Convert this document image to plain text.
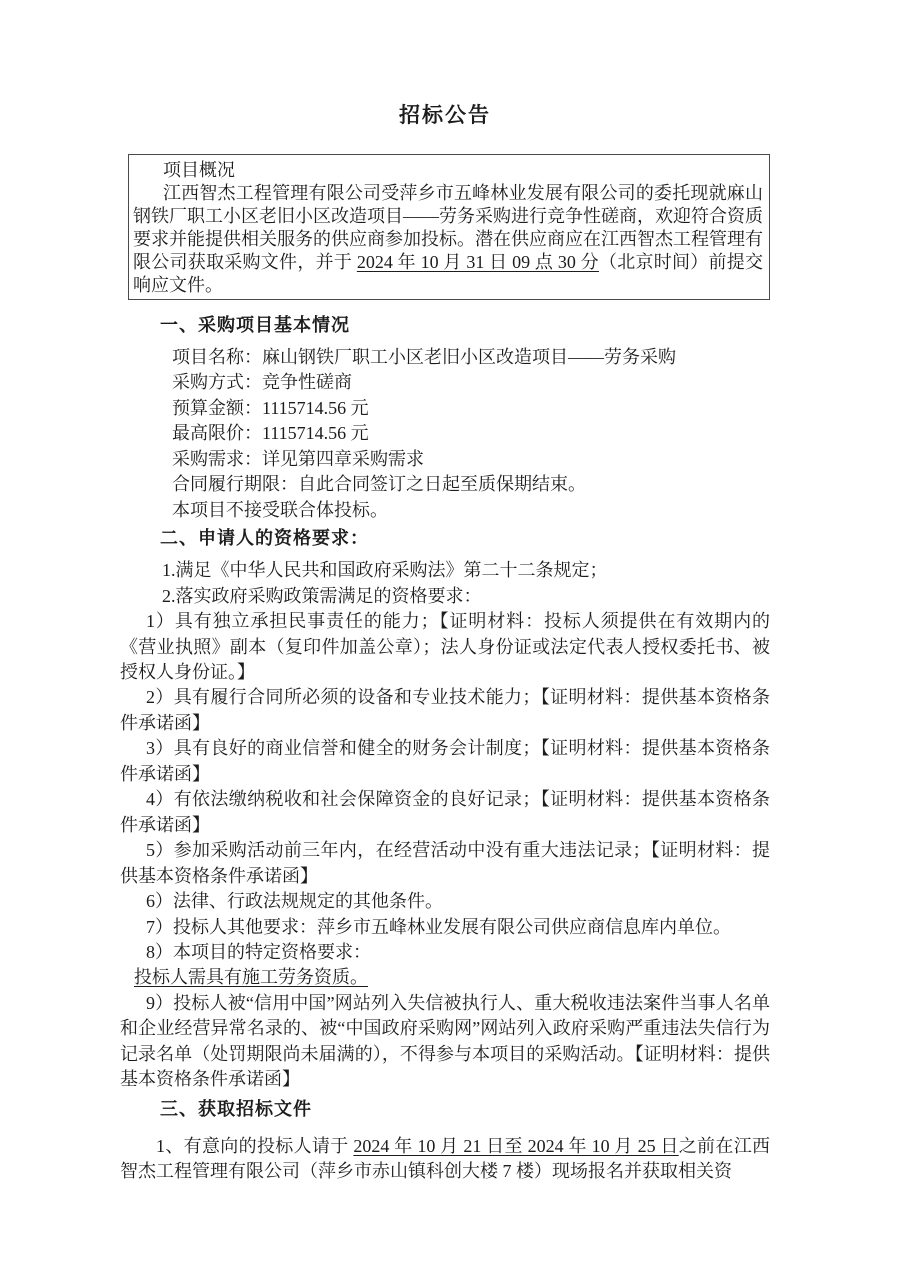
招标公告
项目概况

江西智杰工程管理有限公司受萍乡市五峰林业发展有限公司的委托现就麻山钢铁厂职工小区老旧小区改造项目——劳务采购进行竞争性磋商，欢迎符合资质要求并能提供相关服务的供应商参加投标。潜在供应商应在江西智杰工程管理有限公司获取采购文件，并于 2024 年 10 月 31 日 09 点 30 分（北京时间）前提交响应文件。

一、采购项目基本情况

项目名称：麻山钢铁厂职工小区老旧小区改造项目——劳务采购

采购方式：竞争性磋商

预算金额：1115714.56 元

最高限价：1115714.56 元

采购需求：详见第四章采购需求

合同履行期限：自此合同签订之日起至质保期结束。

本项目不接受联合体投标。

二、申请人的资格要求：

1.满足《中华人民共和国政府采购法》第二十二条规定；

2.落实政府采购政策需满足的资格要求：

1）具有独立承担民事责任的能力；【证明材料：投标人须提供在有效期内的《营业执照》副本（复印件加盖公章）；法人身份证或法定代表人授权委托书、被授权人身份证。】

2）具有履行合同所必须的设备和专业技术能力；【证明材料：提供基本资格条件承诺函】

3）具有良好的商业信誉和健全的财务会计制度；【证明材料：提供基本资格条件承诺函】

4）有依法缴纳税收和社会保障资金的良好记录；【证明材料：提供基本资格条件承诺函】

5）参加采购活动前三年内，在经营活动中没有重大违法记录；【证明材料：提供基本资格条件承诺函】

6）法律、行政法规规定的其他条件。

7）投标人其他要求：萍乡市五峰林业发展有限公司供应商信息库内单位。

8）本项目的特定资格要求：

投标人需具有施工劳务资质。

9）投标人被“信用中国”网站列入失信被执行人、重大税收违法案件当事人名单和企业经营异常名录的、被“中国政府采购网”网站列入政府采购严重违法失信行为记录名单（处罚期限尚未届满的），不得参与本项目的采购活动。【证明材料：提供基本资格条件承诺函】

三、获取招标文件

1、有意向的投标人请于 2024 年 10 月 21 日至 2024 年 10 月 25 日之前在江西智杰工程管理有限公司（萍乡市赤山镇科创大楼 7 楼）现场报名并获取相关资
